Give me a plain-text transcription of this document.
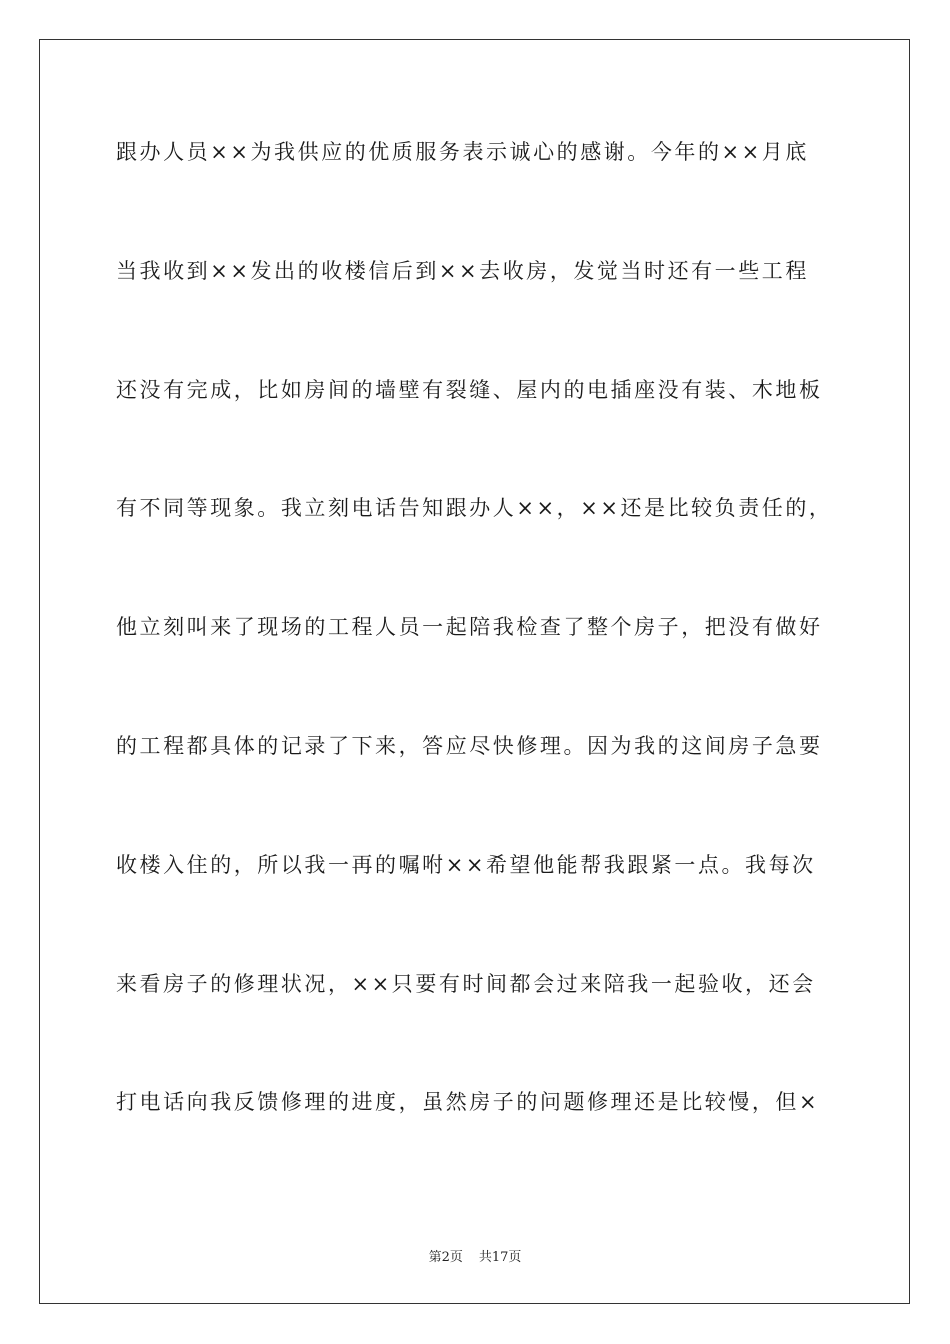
跟办人员××为我供应的优质服务表示诚心的感谢。今年的××月底
当我收到××发出的收楼信后到××去收房，发觉当时还有一些工程
还没有完成，比如房间的墙壁有裂缝、屋内的电插座没有装、木地板
有不同等现象。我立刻电话告知跟办人××，××还是比较负责任的，
他立刻叫来了现场的工程人员一起陪我检查了整个房子，把没有做好
的工程都具体的记录了下来，答应尽快修理。因为我的这间房子急要
收楼入住的，所以我一再的嘱咐××希望他能帮我跟紧一点。我每次
来看房子的修理状况，××只要有时间都会过来陪我一起验收，还会
打电话向我反馈修理的进度，虽然房子的问题修理还是比较慢，但×
第2页 共17页
